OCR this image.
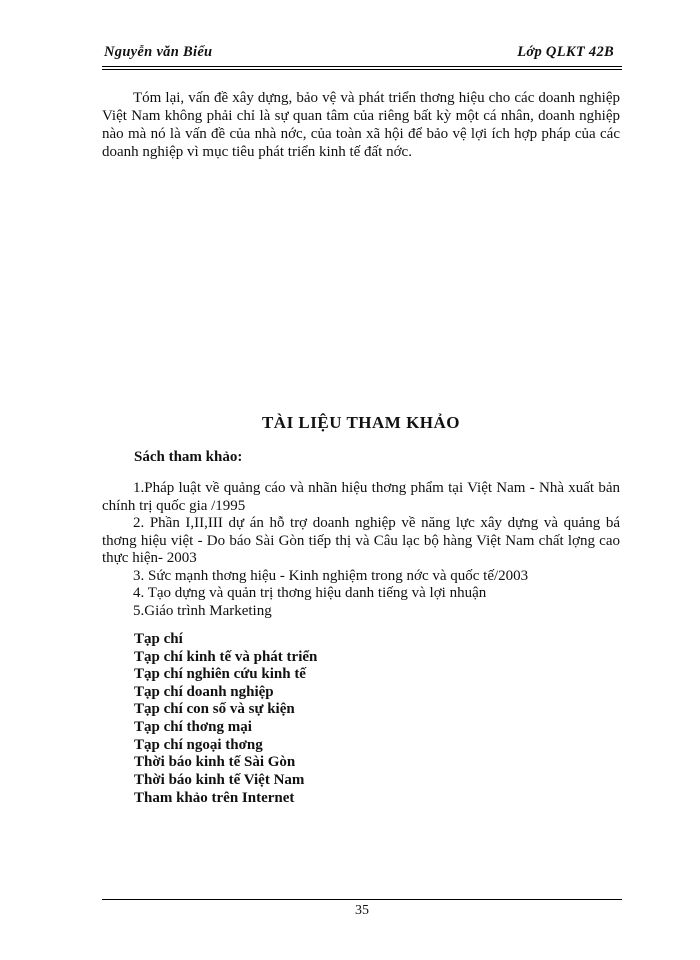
Nguyễn văn Biểu	Lớp QLKT 42B

Tóm lại, vấn đề xây dựng, bảo vệ và phát triển thơng hiệu cho các doanh nghiệp Việt Nam không phải chỉ là sự quan tâm của riêng bất kỳ một cá nhân, doanh nghiệp nào mà nó là vấn đề của nhà nớc, của toàn xã hội để bảo vệ lợi ích hợp pháp của các doanh nghiệp vì mục tiêu phát triển kinh tế đất nớc.

TÀI LIỆU THAM KHẢO
Sách tham khảo:

1.Pháp luật về quảng cáo và nhãn hiệu thơng phẩm tại Việt Nam - Nhà xuất bản chính trị quốc gia /1995

2. Phần I,II,III dự án hỗ trợ doanh nghiệp về năng lực xây dựng và quảng bá thơng hiệu việt - Do báo Sài Gòn tiếp thị và Câu lạc bộ hàng Việt Nam chất lợng cao thực hiện- 2003

3. Sức mạnh thơng hiệu - Kinh nghiệm trong nớc và quốc tế/2003

4. Tạo dựng và quản trị thơng hiệu danh tiếng và lợi nhuận

5.Giáo trình Marketing

Tạp chí
Tạp chí kinh tế và phát triển
Tạp chí nghiên cứu kinh tế
Tạp chí doanh nghiệp
Tạp chí con số và sự kiện
Tạp chí thơng mại
Tạp chí ngoại thơng
Thời báo kinh tế Sài Gòn
Thời báo kinh tế Việt Nam
Tham khảo trên Internet
35
